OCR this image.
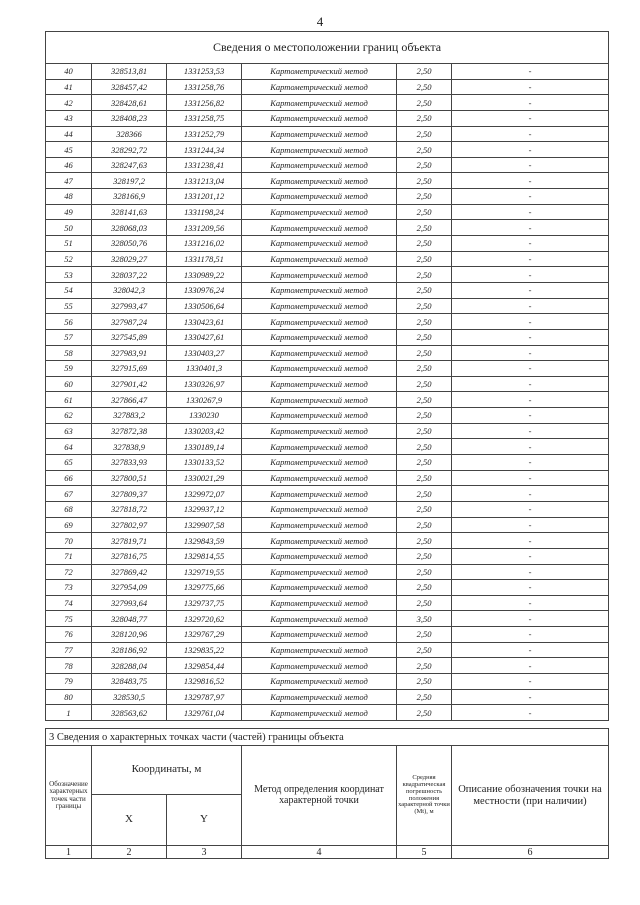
4
Сведения о местоположении границ объекта					
40	328513,81	1331253,53	Картометрический метод	2,50	-
41	328457,42	1331258,76	Картометрический метод	2,50	-
42	328428,61	1331256,82	Картометрический метод	2,50	-
43	328408,23	1331258,75	Картометрический метод	2,50	-
44	328366	1331252,79	Картометрический метод	2,50	-
45	328292,72	1331244,34	Картометрический метод	2,50	-
46	328247,63	1331238,41	Картометрический метод	2,50	-
47	328197,2	1331213,04	Картометрический метод	2,50	-
48	328166,9	1331201,12	Картометрический метод	2,50	-
49	328141,63	1331198,24	Картометрический метод	2,50	-
50	328068,03	1331209,56	Картометрический метод	2,50	-
51	328050,76	1331216,02	Картометрический метод	2,50	-
52	328029,27	1331178,51	Картометрический метод	2,50	-
53	328037,22	1330989,22	Картометрический метод	2,50	-
54	328042,3	1330976,24	Картометрический метод	2,50	-
55	327993,47	1330506,64	Картометрический метод	2,50	-
56	327987,24	1330423,61	Картометрический метод	2,50	-
57	327545,89	1330427,61	Картометрический метод	2,50	-
58	327983,91	1330403,27	Картометрический метод	2,50	-
59	327915,69	1330401,3	Картометрический метод	2,50	-
60	327901,42	1330326,97	Картометрический метод	2,50	-
61	327866,47	1330267,9	Картометрический метод	2,50	-
62	327883,2	1330230	Картометрический метод	2,50	-
63	327872,38	1330203,42	Картометрический метод	2,50	-
64	327838,9	1330189,14	Картометрический метод	2,50	-
65	327833,93	1330133,52	Картометрический метод	2,50	-
66	327800,51	1330021,29	Картометрический метод	2,50	-
67	327809,37	1329972,07	Картометрический метод	2,50	-
68	327818,72	1329937,12	Картометрический метод	2,50	-
69	327802,97	1329907,58	Картометрический метод	2,50	-
70	327819,71	1329843,59	Картометрический метод	2,50	-
71	327816,75	1329814,55	Картометрический метод	2,50	-
72	327869,42	1329719,55	Картометрический метод	2,50	-
73	327954,09	1329775,66	Картометрический метод	2,50	-
74	327993,64	1329737,75	Картометрический метод	2,50	-
75	328048,77	1329720,62	Картометрический метод	3,50	-
76	328120,96	1329767,29	Картометрический метод	2,50	-
77	328186,92	1329835,22	Картометрический метод	2,50	-
78	328288,04	1329854,44	Картометрический метод	2,50	-
79	328483,75	1329816,52	Картометрический метод	2,50	-
80	328530,5	1329787,97	Картометрический метод	2,50	-
1	328563,62	1329761,04	Картометрический метод	2,50	-
3 Сведения о характерных точках части (частей) границы объекта					
Обозначение характерных точек части границы	Координаты, м		Метод определения координат характерной точки	Средняя квадратическая погрешность положения характерной точки (Mt), м	Описание обозначения точки на местности (при наличии)
	X	Y			
1	2	3	4	5	6
